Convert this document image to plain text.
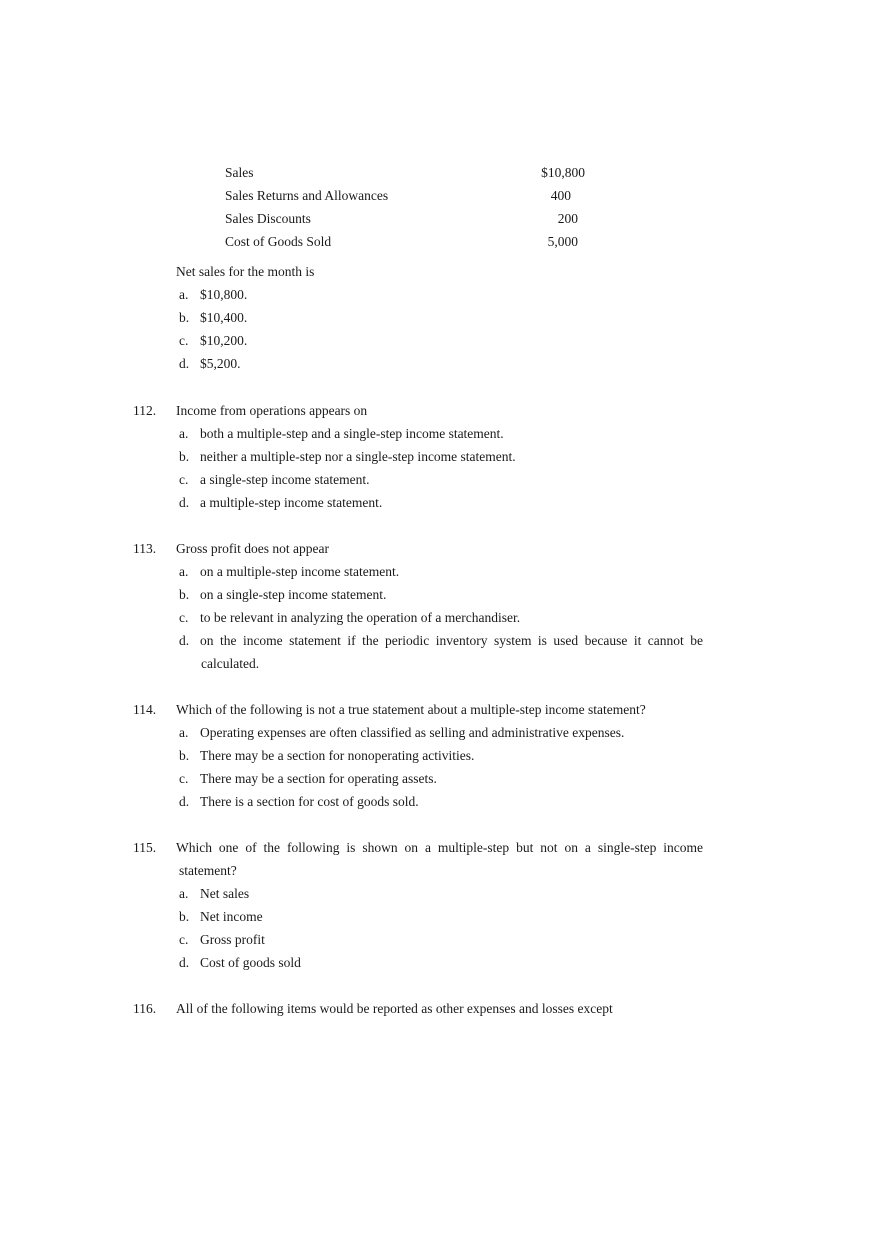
Sales	$10,800
Sales Returns and Allowances	400
Sales Discounts	200
Cost of Goods Sold	5,000
Net sales for the month is
a. $10,800.
b. $10,400.
c. $10,200.
d. $5,200.
112. Income from operations appears on
a. both a multiple-step and a single-step income statement.
b. neither a multiple-step nor a single-step income statement.
c. a single-step income statement.
d. a multiple-step income statement.
113. Gross profit does not appear
a. on a multiple-step income statement.
b. on a single-step income statement.
c. to be relevant in analyzing the operation of a merchandiser.
d. on the income statement if the periodic inventory system is used because it cannot be
calculated.
114. Which of the following is not a true statement about a multiple-step income statement?
a. Operating expenses are often classified as selling and administrative expenses.
b. There may be a section for nonoperating activities.
c. There may be a section for operating assets.
d. There is a section for cost of goods sold.
115. Which one of the following is shown on a multiple-step but not on a single-step income
statement?
a. Net sales
b. Net income
c. Gross profit
d. Cost of goods sold
116. All of the following items would be reported as other expenses and losses except
